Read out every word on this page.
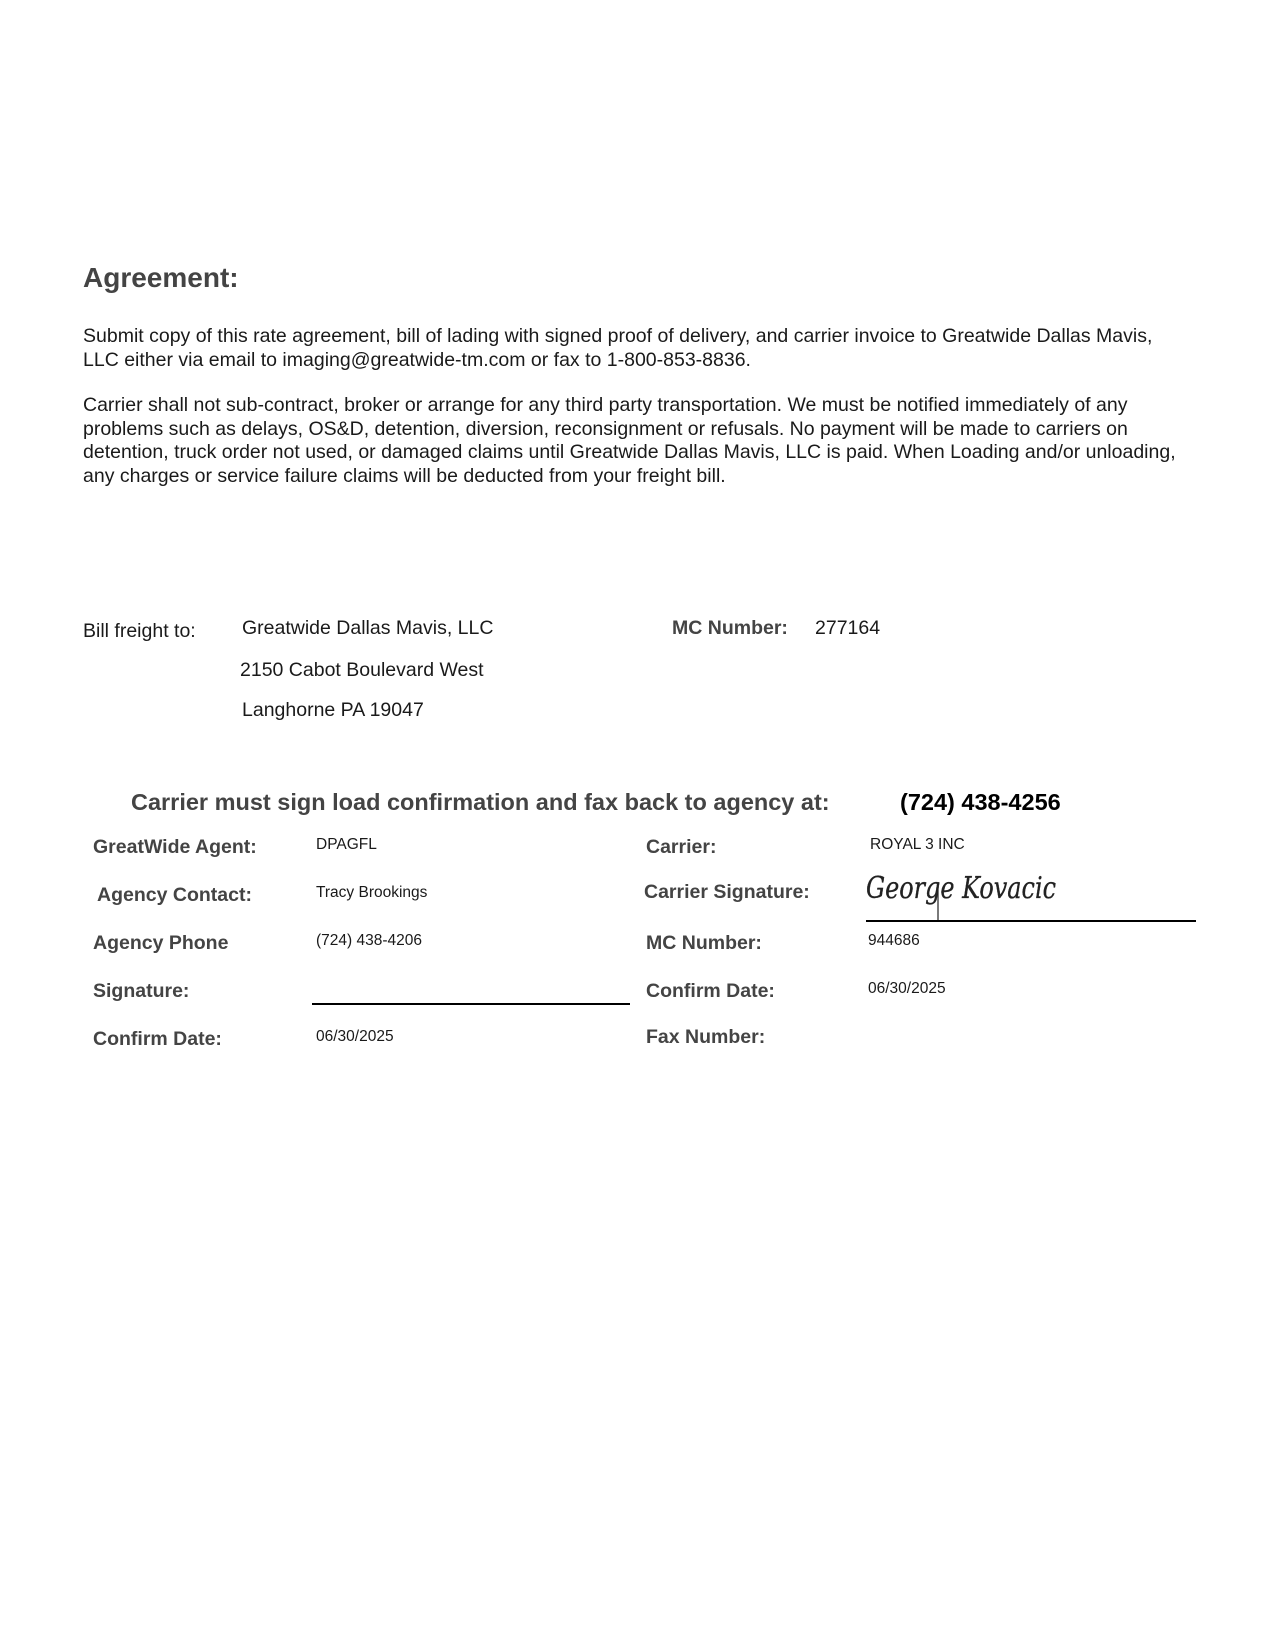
Agreement:

Submit copy of this rate agreement, bill of lading with signed proof of delivery, and carrier invoice to Greatwide Dallas Mavis, LLC either via email to imaging@greatwide-tm.com or fax to 1-800-853-8836.

Carrier shall not sub-contract, broker or arrange for any third party transportation. We must be notified immediately of any problems such as delays, OS&D, detention, diversion, reconsignment or refusals. No payment will be made to carriers on detention, truck order not used, or damaged claims until Greatwide Dallas Mavis, LLC is paid. When Loading and/or unloading, any charges or service failure claims will be deducted from your freight bill.

Bill freight to: Greatwide Dallas Mavis, LLC
2150 Cabot Boulevard West
Langhorne PA 19047
MC Number: 277164
Carrier must sign load confirmation and fax back to agency at:	(724) 438-4256
GreatWide Agent:	DPAGFL
Agency Contact:	Tracy Brookings
Agency Phone	(724) 438-4206
Signature:
Confirm Date:	06/30/2025
Carrier:	ROYAL 3 INC
Carrier Signature: George Kovacic
MC Number:	944686
Confirm Date:	06/30/2025
Fax Number:
